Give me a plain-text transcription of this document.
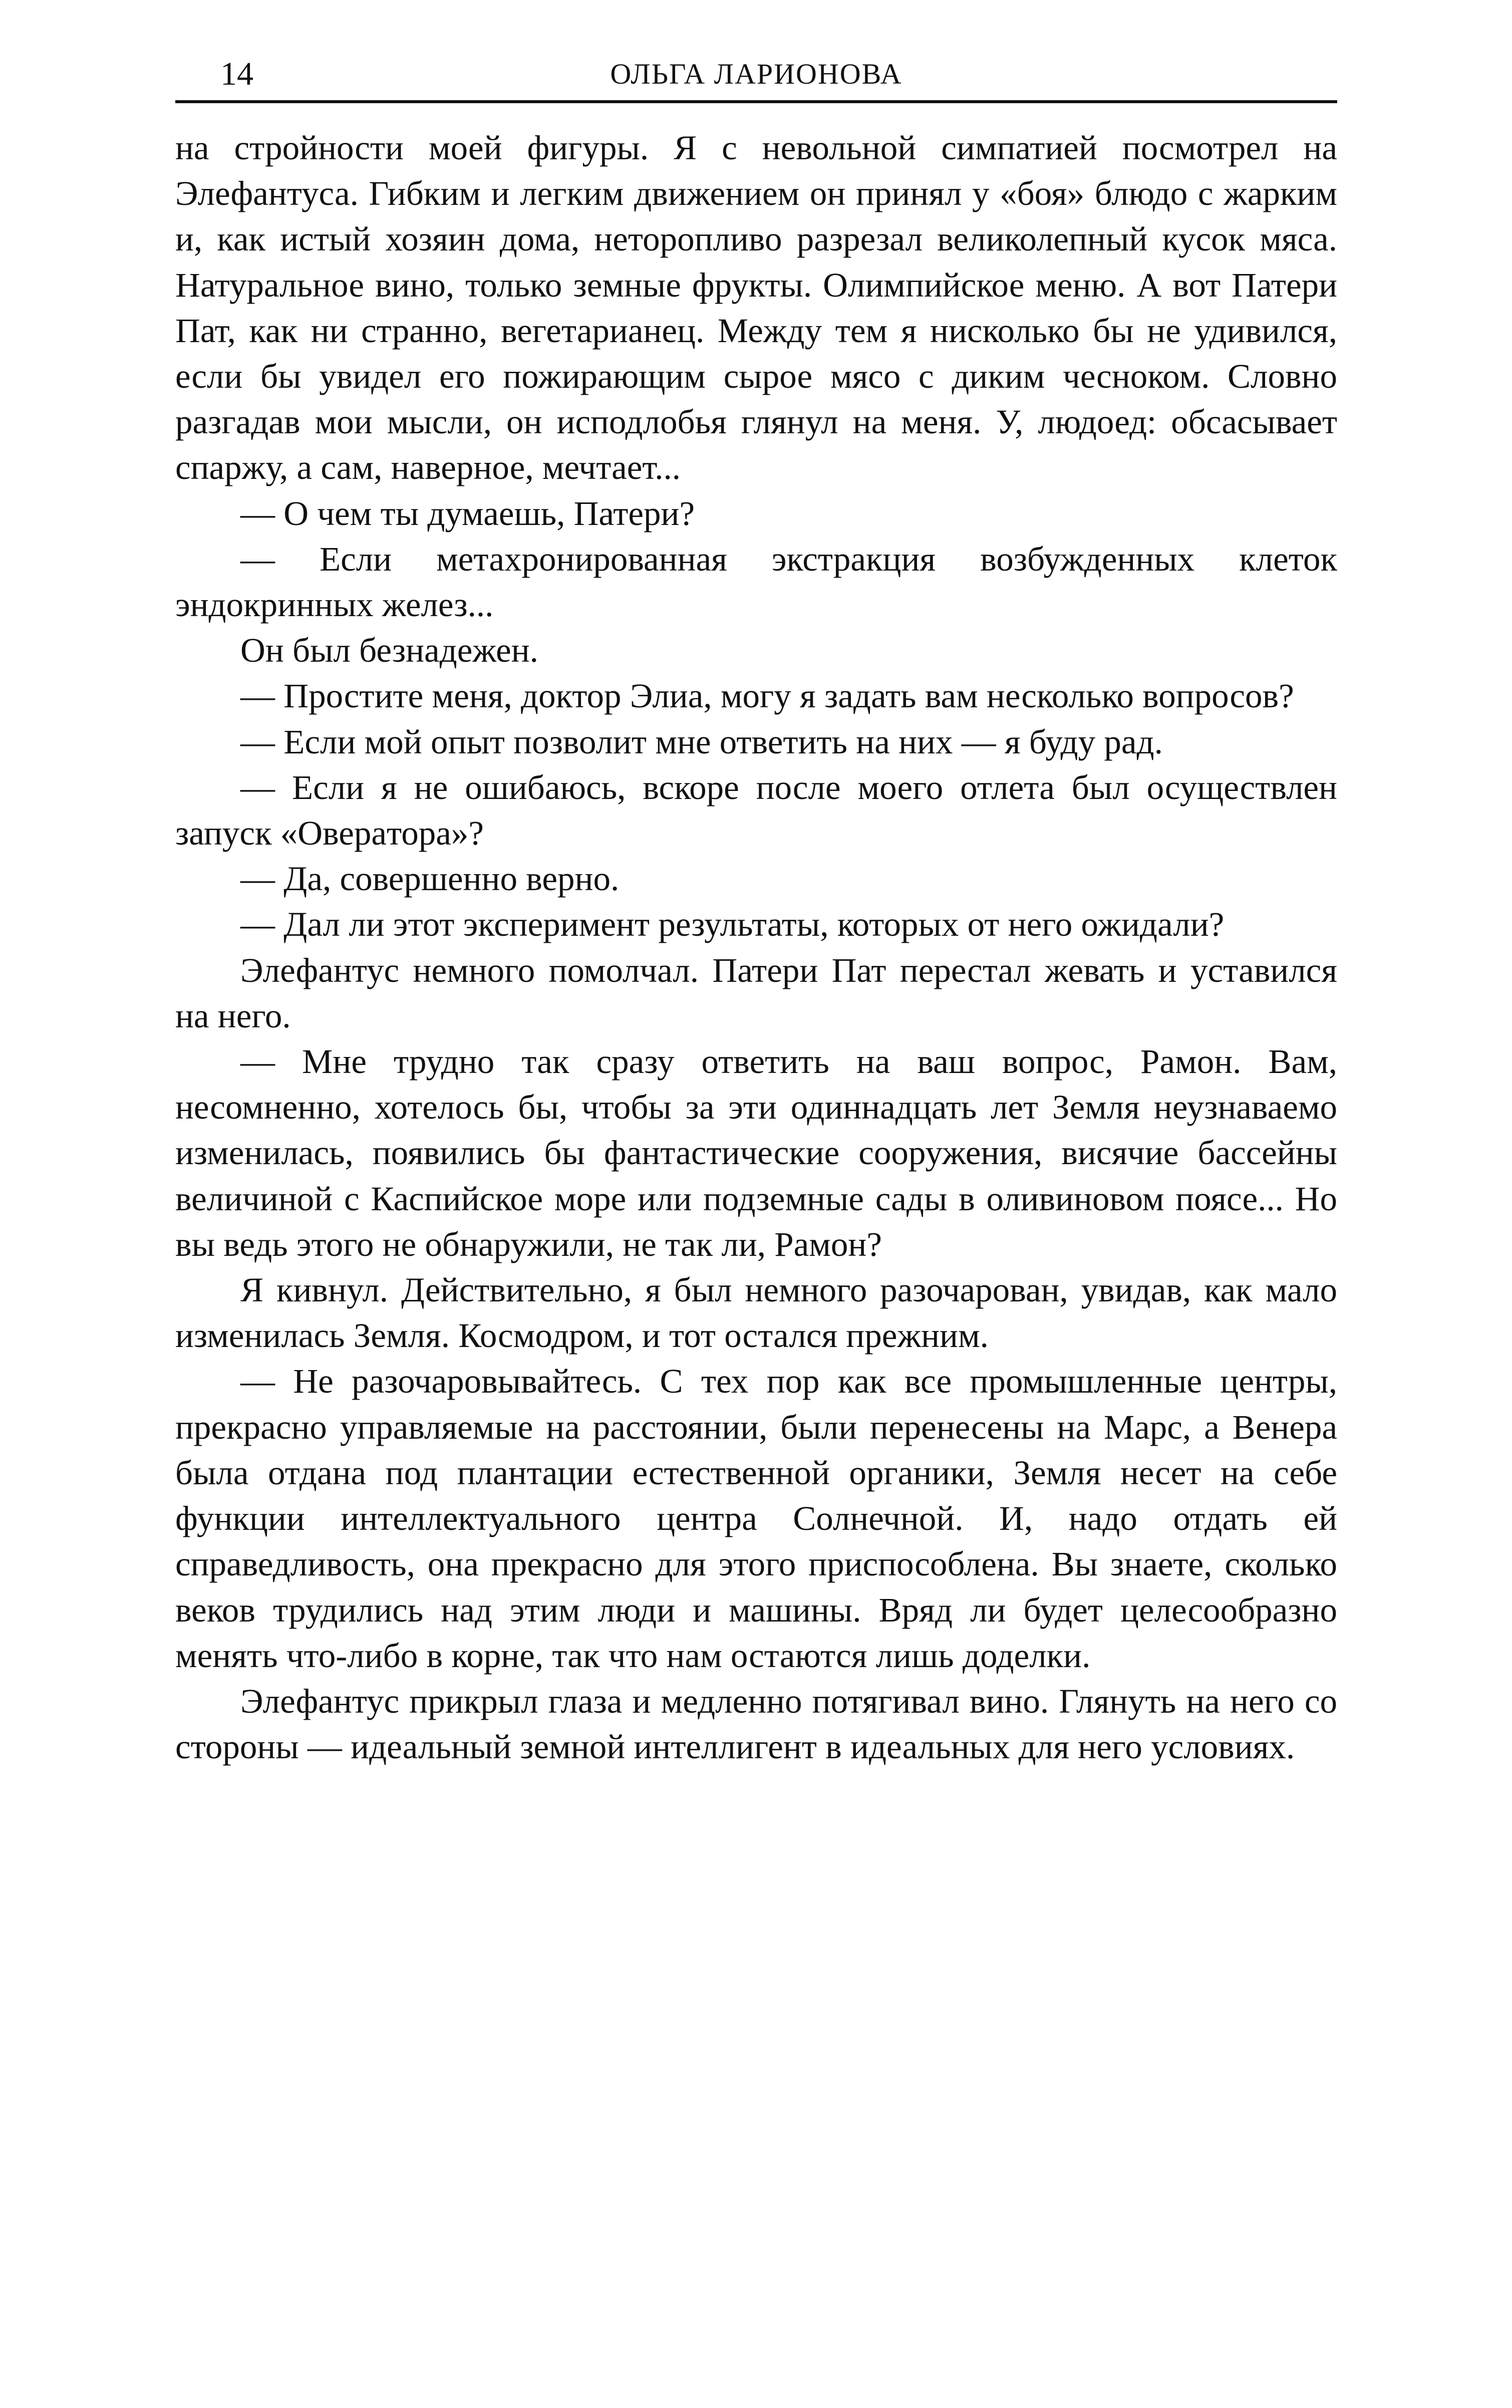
14	ОЛЬГА ЛАРИОНОВА

на стройности моей фигуры. Я с невольной симпатией посмотрел на Элефантуса. Гибким и легким движением он принял у «боя» блюдо с жарким и, как истый хозяин дома, неторопливо разрезал великолепный кусок мяса. Натуральное вино, только земные фрукты. Олимпийское меню. А вот Патери Пат, как ни странно, вегетарианец. Между тем я нисколько бы не удивился, если бы увидел его пожирающим сырое мясо с диким чесноком. Словно разгадав мои мысли, он исподлобья глянул на меня. У, людоед: обсасывает спаржу, а сам, наверное, мечтает...

— О чем ты думаешь, Патери?

— Если метахронированная экстракция возбужденных клеток эндокринных желез...

Он был безнадежен.

— Простите меня, доктор Элиа, могу я задать вам несколько вопросов?

— Если мой опыт позволит мне ответить на них — я буду рад.

— Если я не ошибаюсь, вскоре после моего отлета был осуществлен запуск «Оверaтора»?

— Да, совершенно верно.

— Дал ли этот эксперимент результаты, которых от него ожидали?

Элефантус немного помолчал. Патери Пат перестал жевать и уставился на него.

— Мне трудно так сразу ответить на ваш вопрос, Рамон. Вам, несомненно, хотелось бы, чтобы за эти одиннадцать лет Земля неузнаваемо изменилась, появились бы фантастические сооружения, висячие бассейны величиной с Каспийское море или подземные сады в оливиновом поясе... Но вы ведь этого не обнаружили, не так ли, Рамон?

Я кивнул. Действительно, я был немного разочарован, увидав, как мало изменилась Земля. Космодром, и тот остался прежним.

— Не разочаровывайтесь. С тех пор как все промышленные центры, прекрасно управляемые на расстоянии, были перенесены на Марс, а Венера была отдана под плантации естественной органики, Земля несет на себе функции интеллектуального центра Солнечной. И, надо отдать ей справедливость, она прекрасно для этого приспособлена. Вы знаете, сколько веков трудились над этим люди и машины. Вряд ли будет целесообразно менять что-либо в корне, так что нам остаются лишь доделки.

Элефантус прикрыл глаза и медленно потягивал вино. Глянуть на него со стороны — идеальный земной интеллигент в идеальных для него условиях.
